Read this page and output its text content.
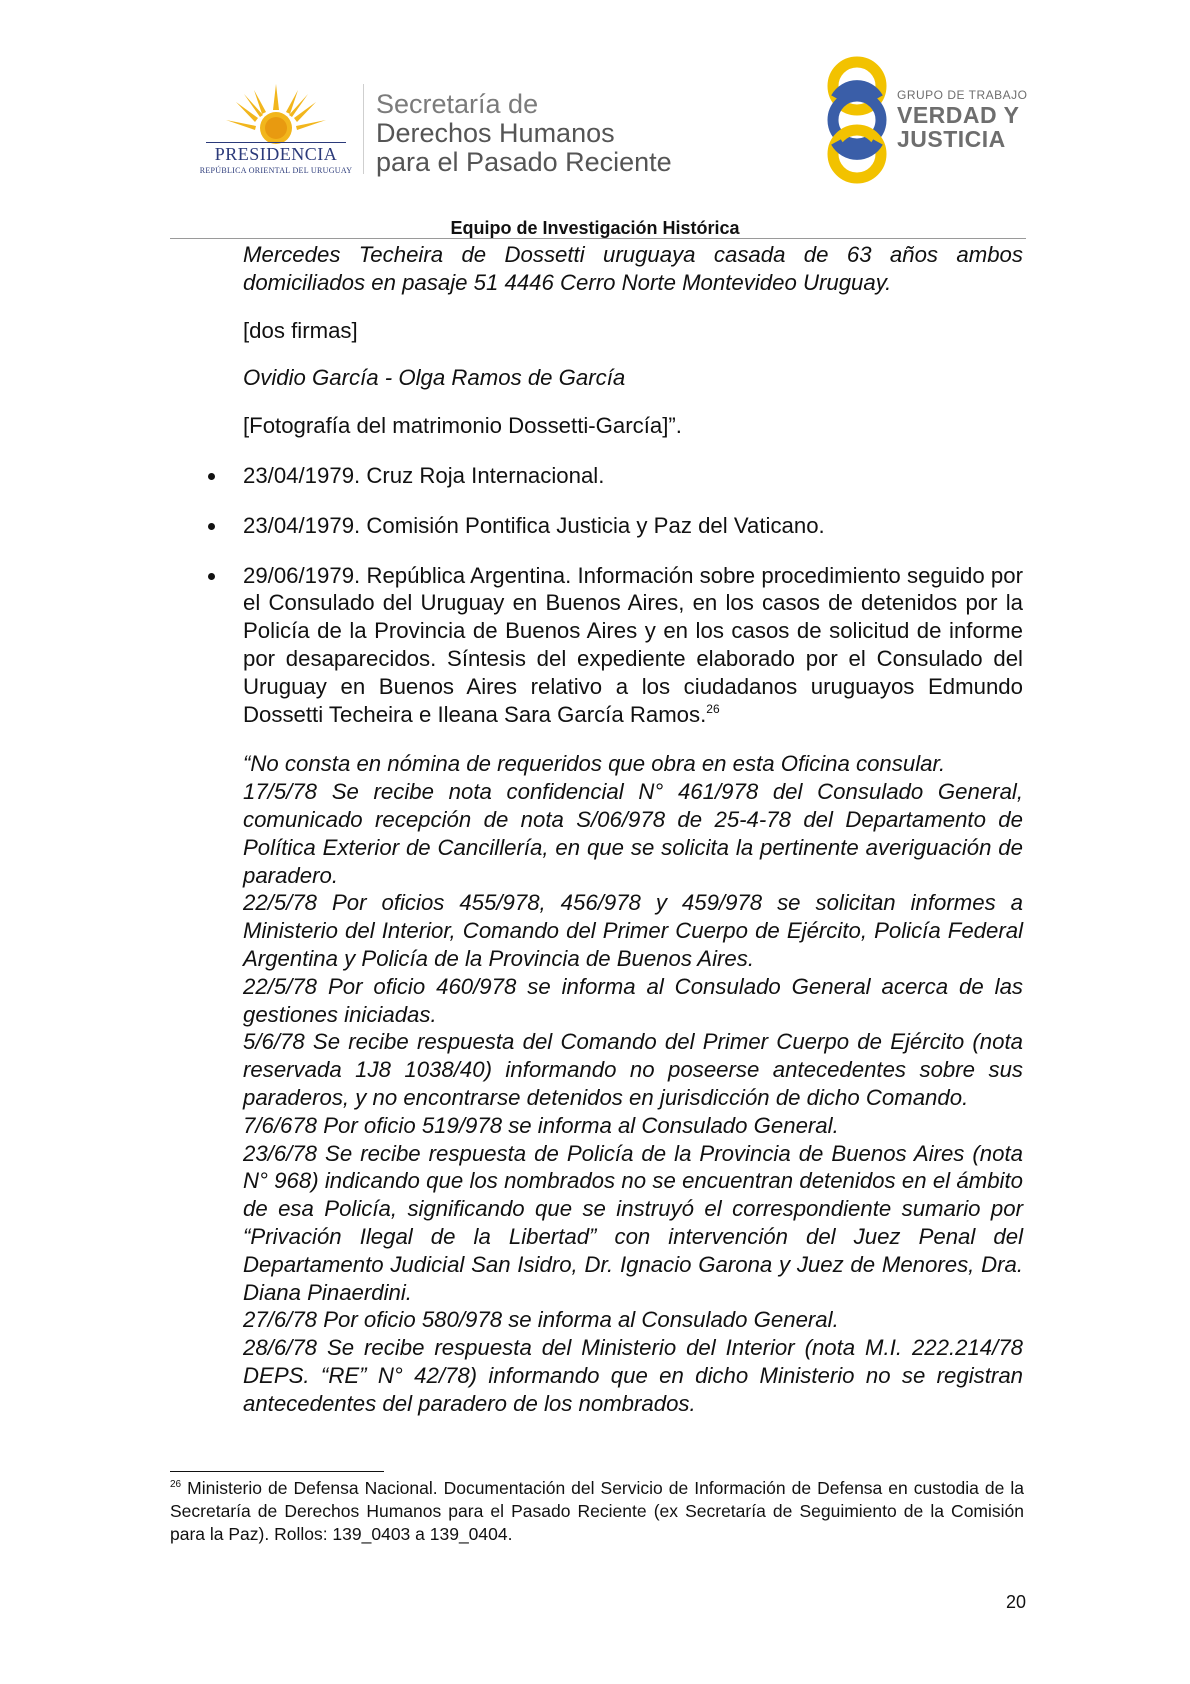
PRESIDENCIA
REPÚBLICA ORIENTAL DEL URUGUAY
Secretaría de
Derechos Humanos
para el Pasado Reciente
GRUPO DE TRABAJO
VERDAD Y
JUSTICIA
Equipo de Investigación Histórica

Mercedes Techeira de Dossetti uruguaya casada de 63 años ambos domiciliados en pasaje 51 4446 Cerro Norte Montevideo Uruguay.

[dos firmas]

Ovidio García - Olga Ramos de García

[Fotografía del matrimonio Dossetti-García]”.

23/04/1979. Cruz Roja Internacional.

23/04/1979. Comisión Pontifica Justicia y Paz del Vaticano.

29/06/1979. República Argentina. Información sobre procedimiento seguido por el Consulado del Uruguay en Buenos Aires, en los casos de detenidos por la Policía de la Provincia de Buenos Aires y en los casos de solicitud de informe por desaparecidos. Síntesis del expediente elaborado por el Consulado del Uruguay en Buenos Aires relativo a los ciudadanos uruguayos Edmundo Dossetti Techeira e Ileana Sara García Ramos.$^{26}$

“No consta en nómina de requeridos que obra en esta Oficina consular.

17/5/78 Se recibe nota confidencial N° 461/978 del Consulado General, comunicado recepción de nota S/06/978 de 25-4-78 del Departamento de Política Exterior de Cancillería, en que se solicita la pertinente averiguación de paradero.

22/5/78 Por oficios 455/978, 456/978 y 459/978 se solicitan informes a Ministerio del Interior, Comando del Primer Cuerpo de Ejército, Policía Federal Argentina y Policía de la Provincia de Buenos Aires.

22/5/78 Por oficio 460/978 se informa al Consulado General acerca de las gestiones iniciadas.

5/6/78 Se recibe respuesta del Comando del Primer Cuerpo de Ejército (nota reservada 1J8 1038/40) informando no poseerse antecedentes sobre sus paraderos, y no encontrarse detenidos en jurisdicción de dicho Comando.

7/6/678 Por oficio 519/978 se informa al Consulado General.

23/6/78 Se recibe respuesta de Policía de la Provincia de Buenos Aires (nota N° 968) indicando que los nombrados no se encuentran detenidos en el ámbito de esa Policía, significando que se instruyó el correspondiente sumario por “Privación Ilegal de la Libertad” con intervención del Juez Penal del Departamento Judicial San Isidro, Dr. Ignacio Garona y Juez de Menores, Dra. Diana Pinaerdini.

27/6/78 Por oficio 580/978 se informa al Consulado General.

28/6/78 Se recibe respuesta del Ministerio del Interior (nota M.I. 222.214/78 DEPS. “RE” N° 42/78) informando que en dicho Ministerio no se registran antecedentes del paradero de los nombrados.

$^{26}$ Ministerio de Defensa Nacional. Documentación del Servicio de Información de Defensa en custodia de la Secretaría de Derechos Humanos para el Pasado Reciente (ex Secretaría de Seguimiento de la Comisión para la Paz). Rollos: 139_0403 a 139_0404.
20
